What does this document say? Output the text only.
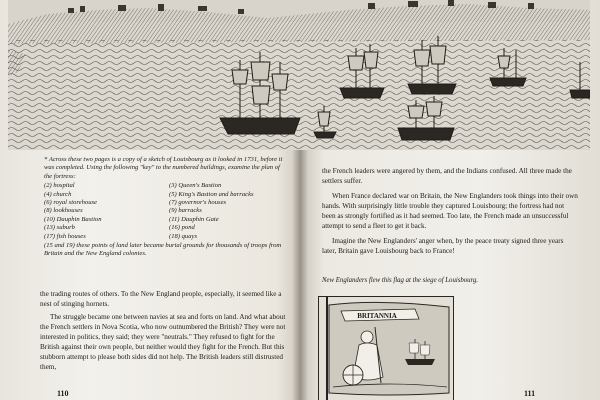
* Across these two pages is a copy of a sketch of Louisbourg as it looked in 1731, before it was completed. Using the following "key" to the numbered buildings, examine the plan of the fortress:

(2) hospital	(3) Queen's Bastion
(4) church	(5) King's Bastion and barracks
(6) royal storehouse	(7) governor's houses
(8) lookhouses	(9) barracks
(10) Dauphin Bastion	(11) Dauphin Gate
(13) suburb	(16) pond
(17) fish houses	(18) quays

(15 and 19) these points of land later became burial grounds for thousands of troops from Britain and the New England colonies.

the trading routes of others. To the New England people, especially, it seemed like a nest of stinging hornets.

The struggle became one between navies at sea and forts on land. And what about the French settlers in Nova Scotia, who now outnumbered the British? They were not interested in politics, they said; they were "neutrals." They refused to fight for the British against their own people, but neither would they fight for the French. But this stubborn attempt to please both sides did not help. The British leaders still distrusted them,

the French leaders were angered by them, and the Indians confused. All three made the settlers suffer.

When France declared war on Britain, the New Englanders took things into their own hands. With surprisingly little trouble they captured Louisbourg; the fortress had not been as strongly fortified as it had seemed. Too late, the French made an unsuccessful attempt to send a fleet to get it back.

Imagine the New Englanders' anger when, by the peace treaty signed three years later, Britain gave Louisbourg back to France!

New Englanders flew this flag at the siege of Louisbourg.
BRITANNIA
110	111
